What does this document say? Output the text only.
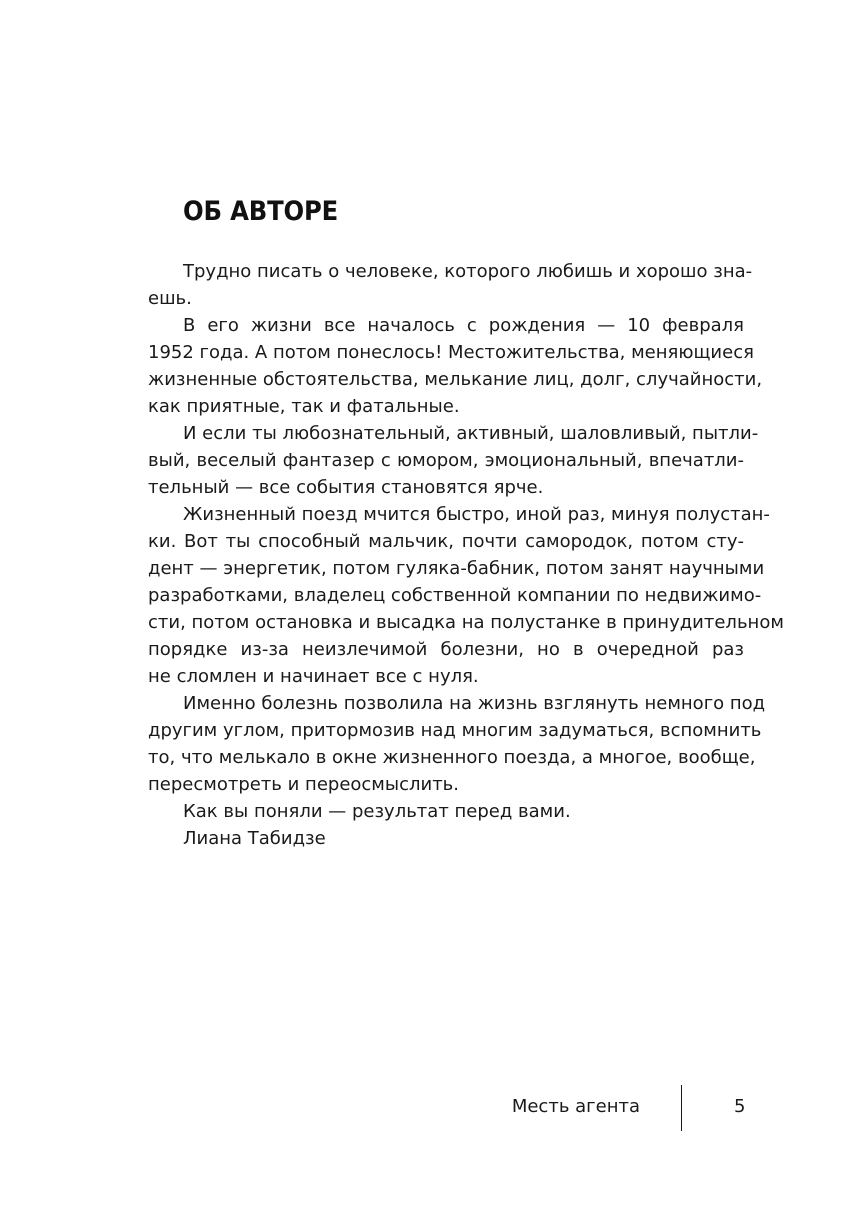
ОБ АВТОРЕ
Трудно писать о человеке, которого любишь и хорошо зна-
ешь.
В его жизни все началось с рождения — 10 февраля
1952 года. А потом понеслось! Местожительства, меняющиеся
жизненные обстоятельства, мелькание лиц, долг, случайности,
как приятные, так и фатальные.
И если ты любознательный, активный, шаловливый, пытли-
вый, веселый фантазер с юмором, эмоциональный, впечатли-
тельный — все события становятся ярче.
Жизненный поезд мчится быстро, иной раз, минуя полустан-
ки. Вот ты способный мальчик, почти самородок, потом сту-
дент — энергетик, потом гуляка-бабник, потом занят научными
разработками, владелец собственной компании по недвижимо-
сти, потом остановка и высадка на полустанке в принудительном
порядке из-за неизлечимой болезни, но в очередной раз
не сломлен и начинает все с нуля.
Именно болезнь позволила на жизнь взглянуть немного под
другим углом, притормозив над многим задуматься, вспомнить
то, что мелькало в окне жизненного поезда, а многое, вообще,
пересмотреть и переосмыслить.
Как вы поняли — результат перед вами.
Лиана Табидзе
Месть агента	5
